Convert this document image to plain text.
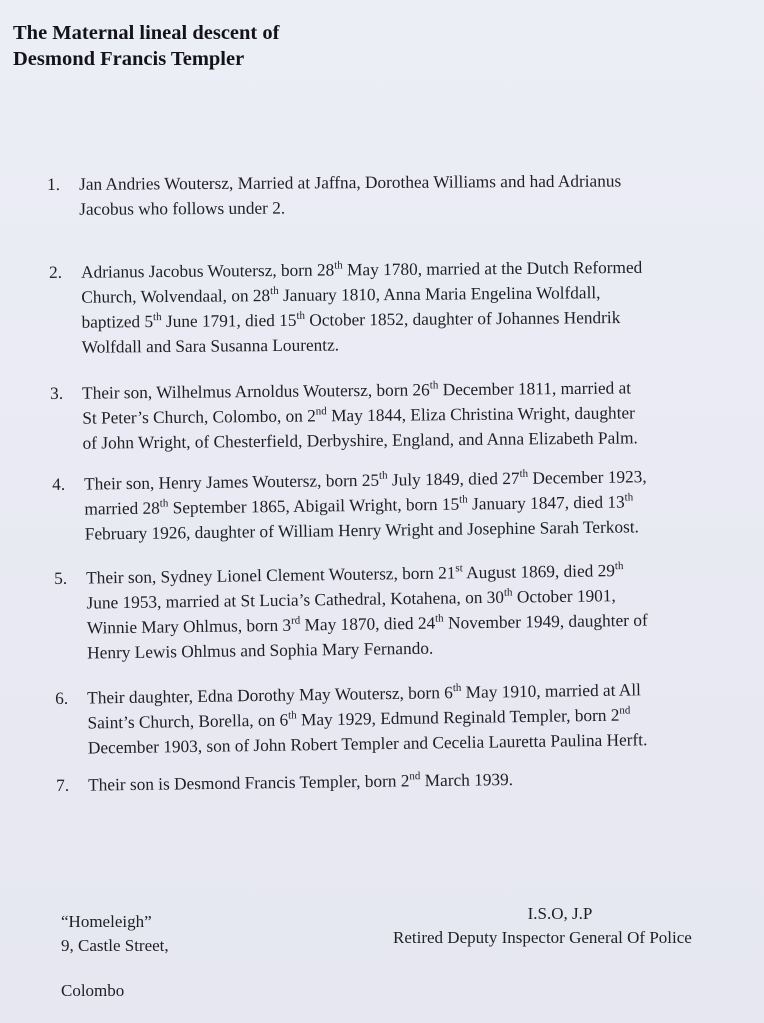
The Maternal lineal descent of
Desmond Francis Templer
1.	Jan Andries Woutersz, Married at Jaffna, Dorothea Williams and had Adrianus
Jacobus who follows under 2.
2.	Adrianus Jacobus Woutersz, born 28th May 1780, married at the Dutch Reformed
Church, Wolvendaal, on 28th January 1810, Anna Maria Engelina Wolfdall,
baptized 5th June 1791, died 15th October 1852, daughter of Johannes Hendrik
Wolfdall and Sara Susanna Lourentz.
3.	Their son, Wilhelmus Arnoldus Woutersz, born 26th December 1811, married at
St Peter’s Church, Colombo, on 2nd May 1844, Eliza Christina Wright, daughter
of John Wright, of Chesterfield, Derbyshire, England, and Anna Elizabeth Palm.
4.	Their son, Henry James Woutersz, born 25th July 1849, died 27th December 1923,
married 28th September 1865, Abigail Wright, born 15th January 1847, died 13th
February 1926, daughter of William Henry Wright and Josephine Sarah Terkost.
5.	Their son, Sydney Lionel Clement Woutersz, born 21st August 1869, died 29th
June 1953, married at St Lucia’s Cathedral, Kotahena, on 30th October 1901,
Winnie Mary Ohlmus, born 3rd May 1870, died 24th November 1949, daughter of
Henry Lewis Ohlmus and Sophia Mary Fernando.
6.	Their daughter, Edna Dorothy May Woutersz, born 6th May 1910, married at All
Saint’s Church, Borella, on 6th May 1929, Edmund Reginald Templer, born 2nd
December 1903, son of John Robert Templer and Cecelia Lauretta Paulina Herft.
7.	Their son is Desmond Francis Templer, born 2nd March 1939.
“Homeleigh”
9, Castle Street,
Colombo
I.S.O, J.P
Retired Deputy Inspector General Of Police
